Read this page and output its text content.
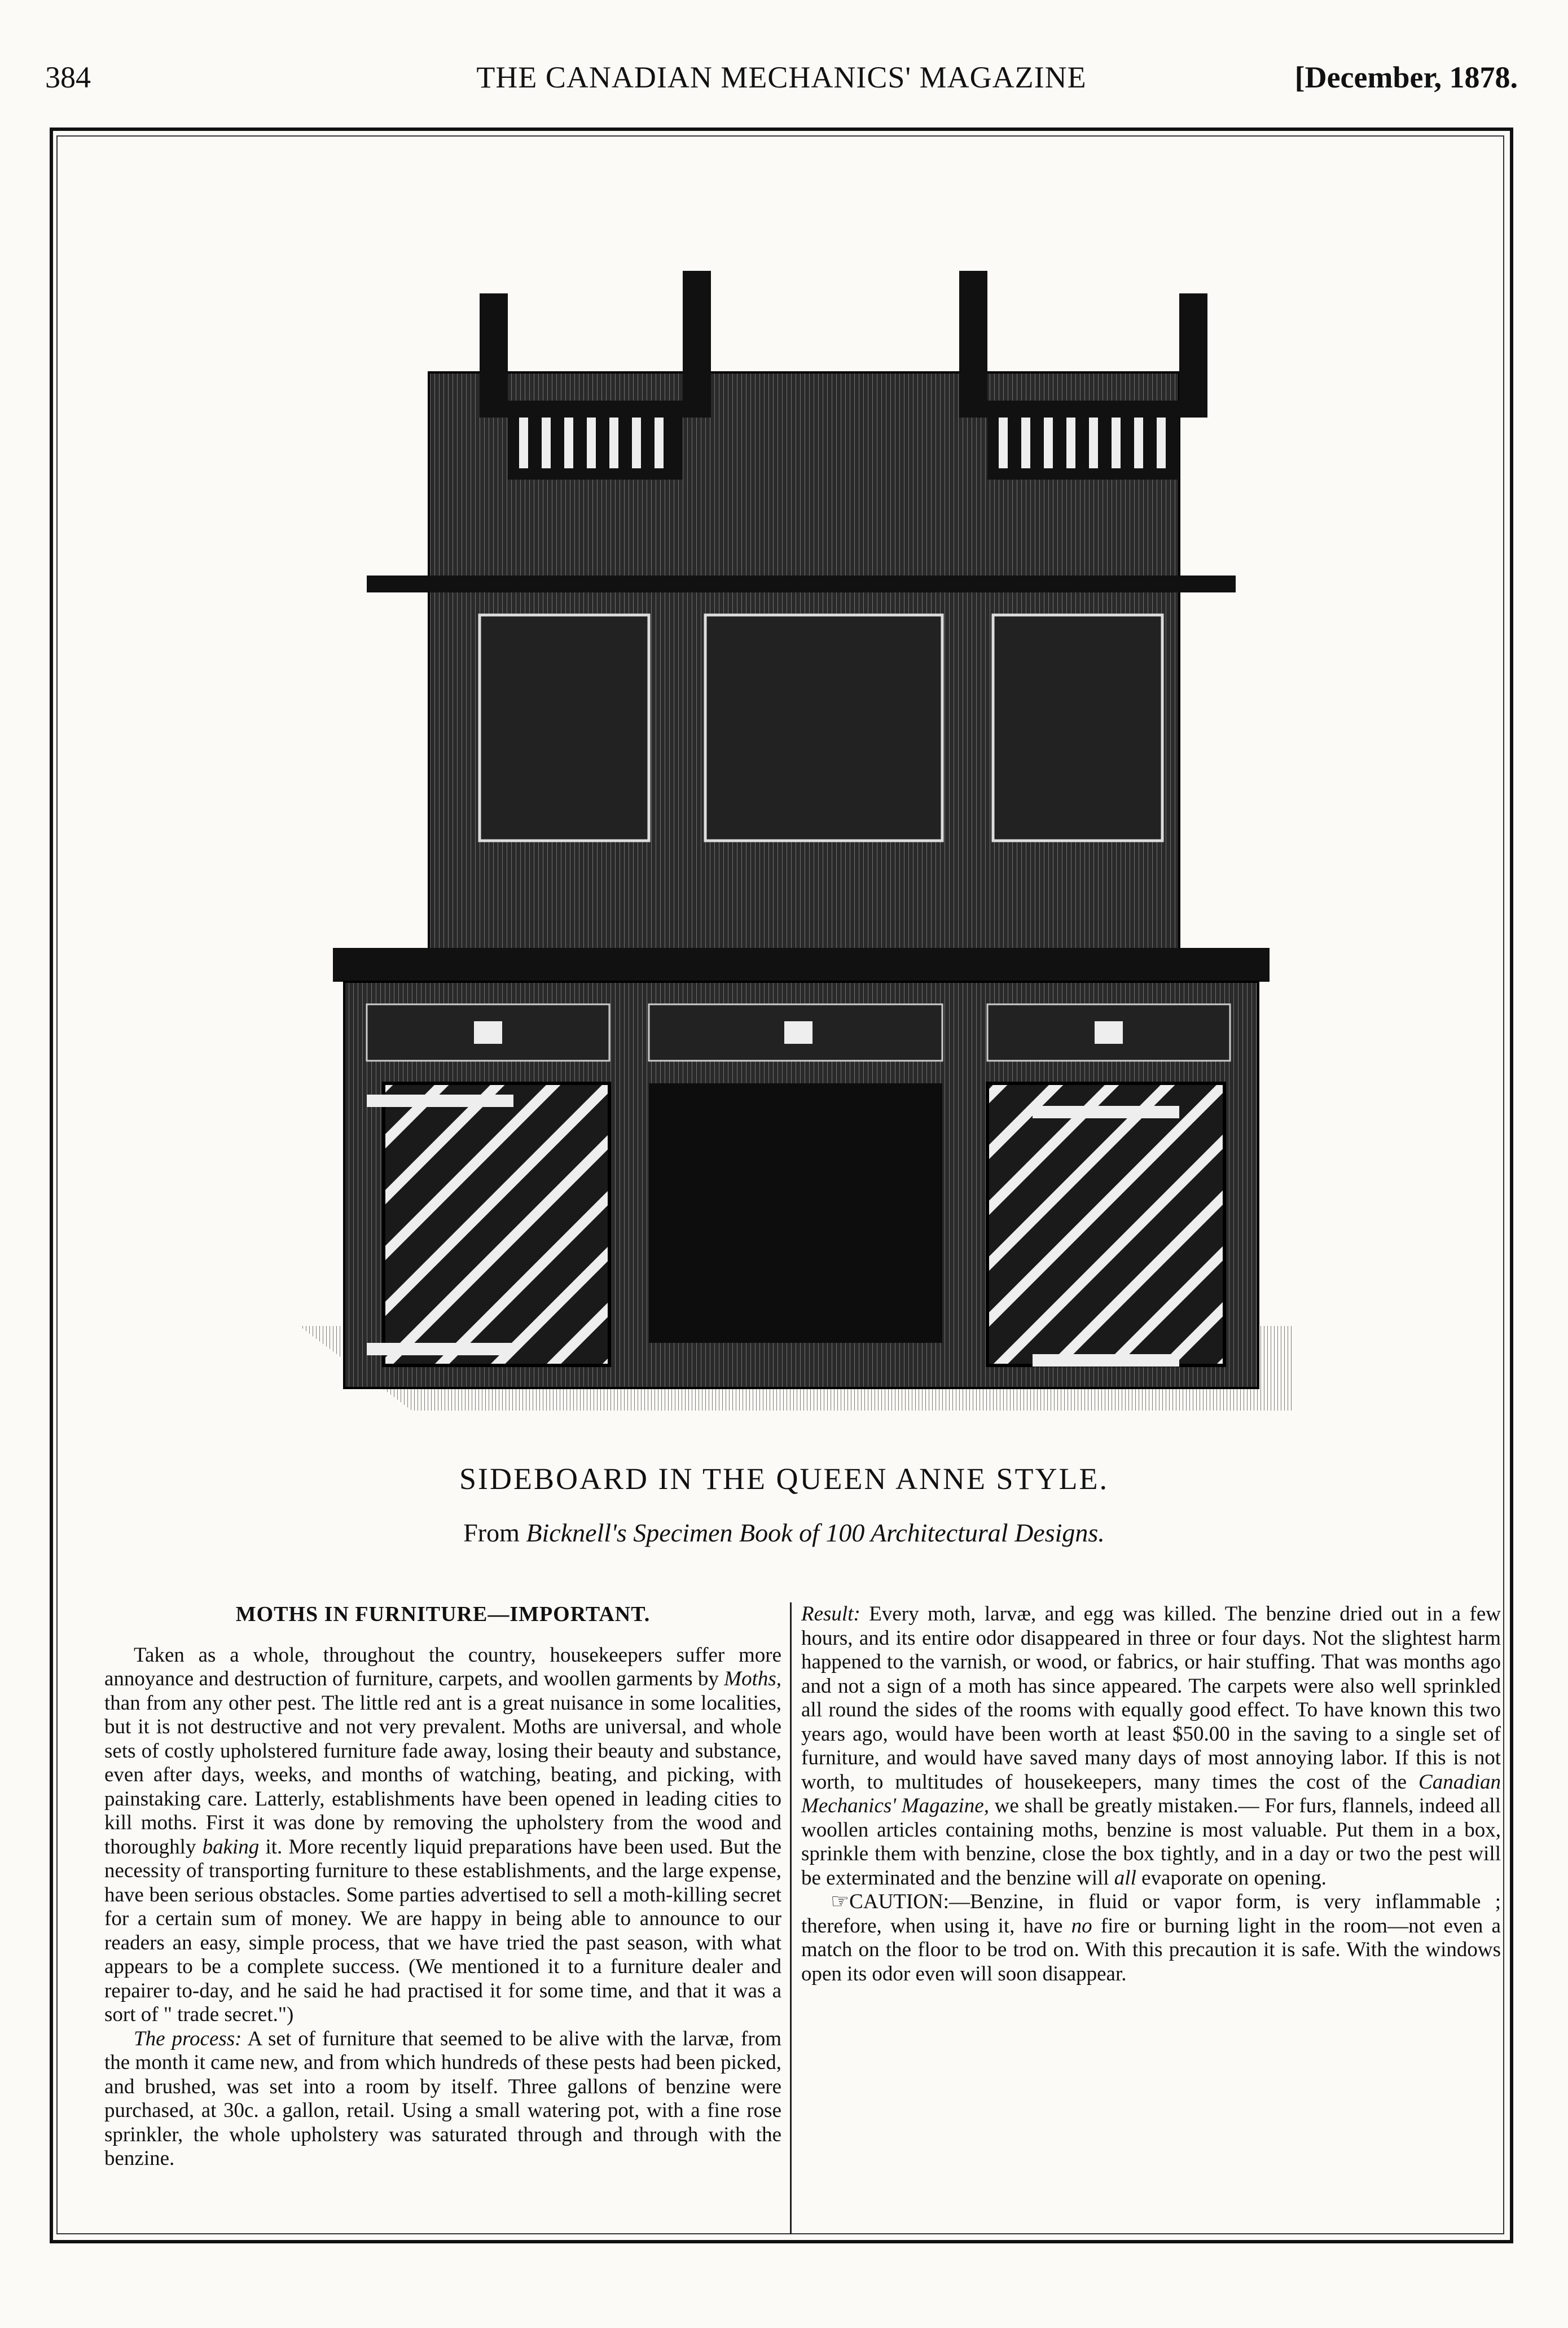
384	THE CANADIAN MECHANICS' MAGAZINE	[December, 1878.
SIDEBOARD IN THE QUEEN ANNE STYLE.
From Bicknell's Specimen Book of 100 Architectural Designs.

MOTHS IN FURNITURE—IMPORTANT.

Taken as a whole, throughout the country, housekeepers suffer more annoyance and destruction of furniture, carpets, and woollen garments by Moths, than from any other pest. The little red ant is a great nuisance in some localities, but it is not destructive and not very prevalent. Moths are universal, and whole sets of costly upholstered furniture fade away, losing their beauty and substance, even after days, weeks, and months of watching, beating, and picking, with painstaking care. Latterly, establishments have been opened in leading cities to kill moths. First it was done by removing the upholstery from the wood and thoroughly baking it. More recently liquid preparations have been used. But the necessity of transporting furniture to these establishments, and the large expense, have been serious obstacles. Some parties advertised to sell a moth-killing secret for a certain sum of money. We are happy in being able to announce to our readers an easy, simple process, that we have tried the past season, with what appears to be a complete success. (We mentioned it to a furniture dealer and repairer to-day, and he said he had practised it for some time, and that it was a sort of " trade secret.")

The process: A set of furniture that seemed to be alive with the larvæ, from the month it came new, and from which hundreds of these pests had been picked, and brushed, was set into a room by itself. Three gallons of benzine were purchased, at 30c. a gallon, retail. Using a small watering pot, with a fine rose sprinkler, the whole upholstery was saturated through and through with the benzine.

Result: Every moth, larvæ, and egg was killed. The benzine dried out in a few hours, and its entire odor disappeared in three or four days. Not the slightest harm happened to the varnish, or wood, or fabrics, or hair stuffing. That was months ago and not a sign of a moth has since appeared. The carpets were also well sprinkled all round the sides of the rooms with equally good effect. To have known this two years ago, would have been worth at least $50.00 in the saving to a single set of furniture, and would have saved many days of most annoying labor. If this is not worth, to multitudes of housekeepers, many times the cost of the Canadian Mechanics' Magazine, we shall be greatly mistaken.— For furs, flannels, indeed all woollen articles containing moths, benzine is most valuable. Put them in a box, sprinkle them with benzine, close the box tightly, and in a day or two the pest will be exterminated and the benzine will all evaporate on opening.

☞CAUTION:—Benzine, in fluid or vapor form, is very inflammable ; therefore, when using it, have no fire or burning light in the room—not even a match on the floor to be trod on. With this precaution it is safe. With the windows open its odor even will soon disappear.
